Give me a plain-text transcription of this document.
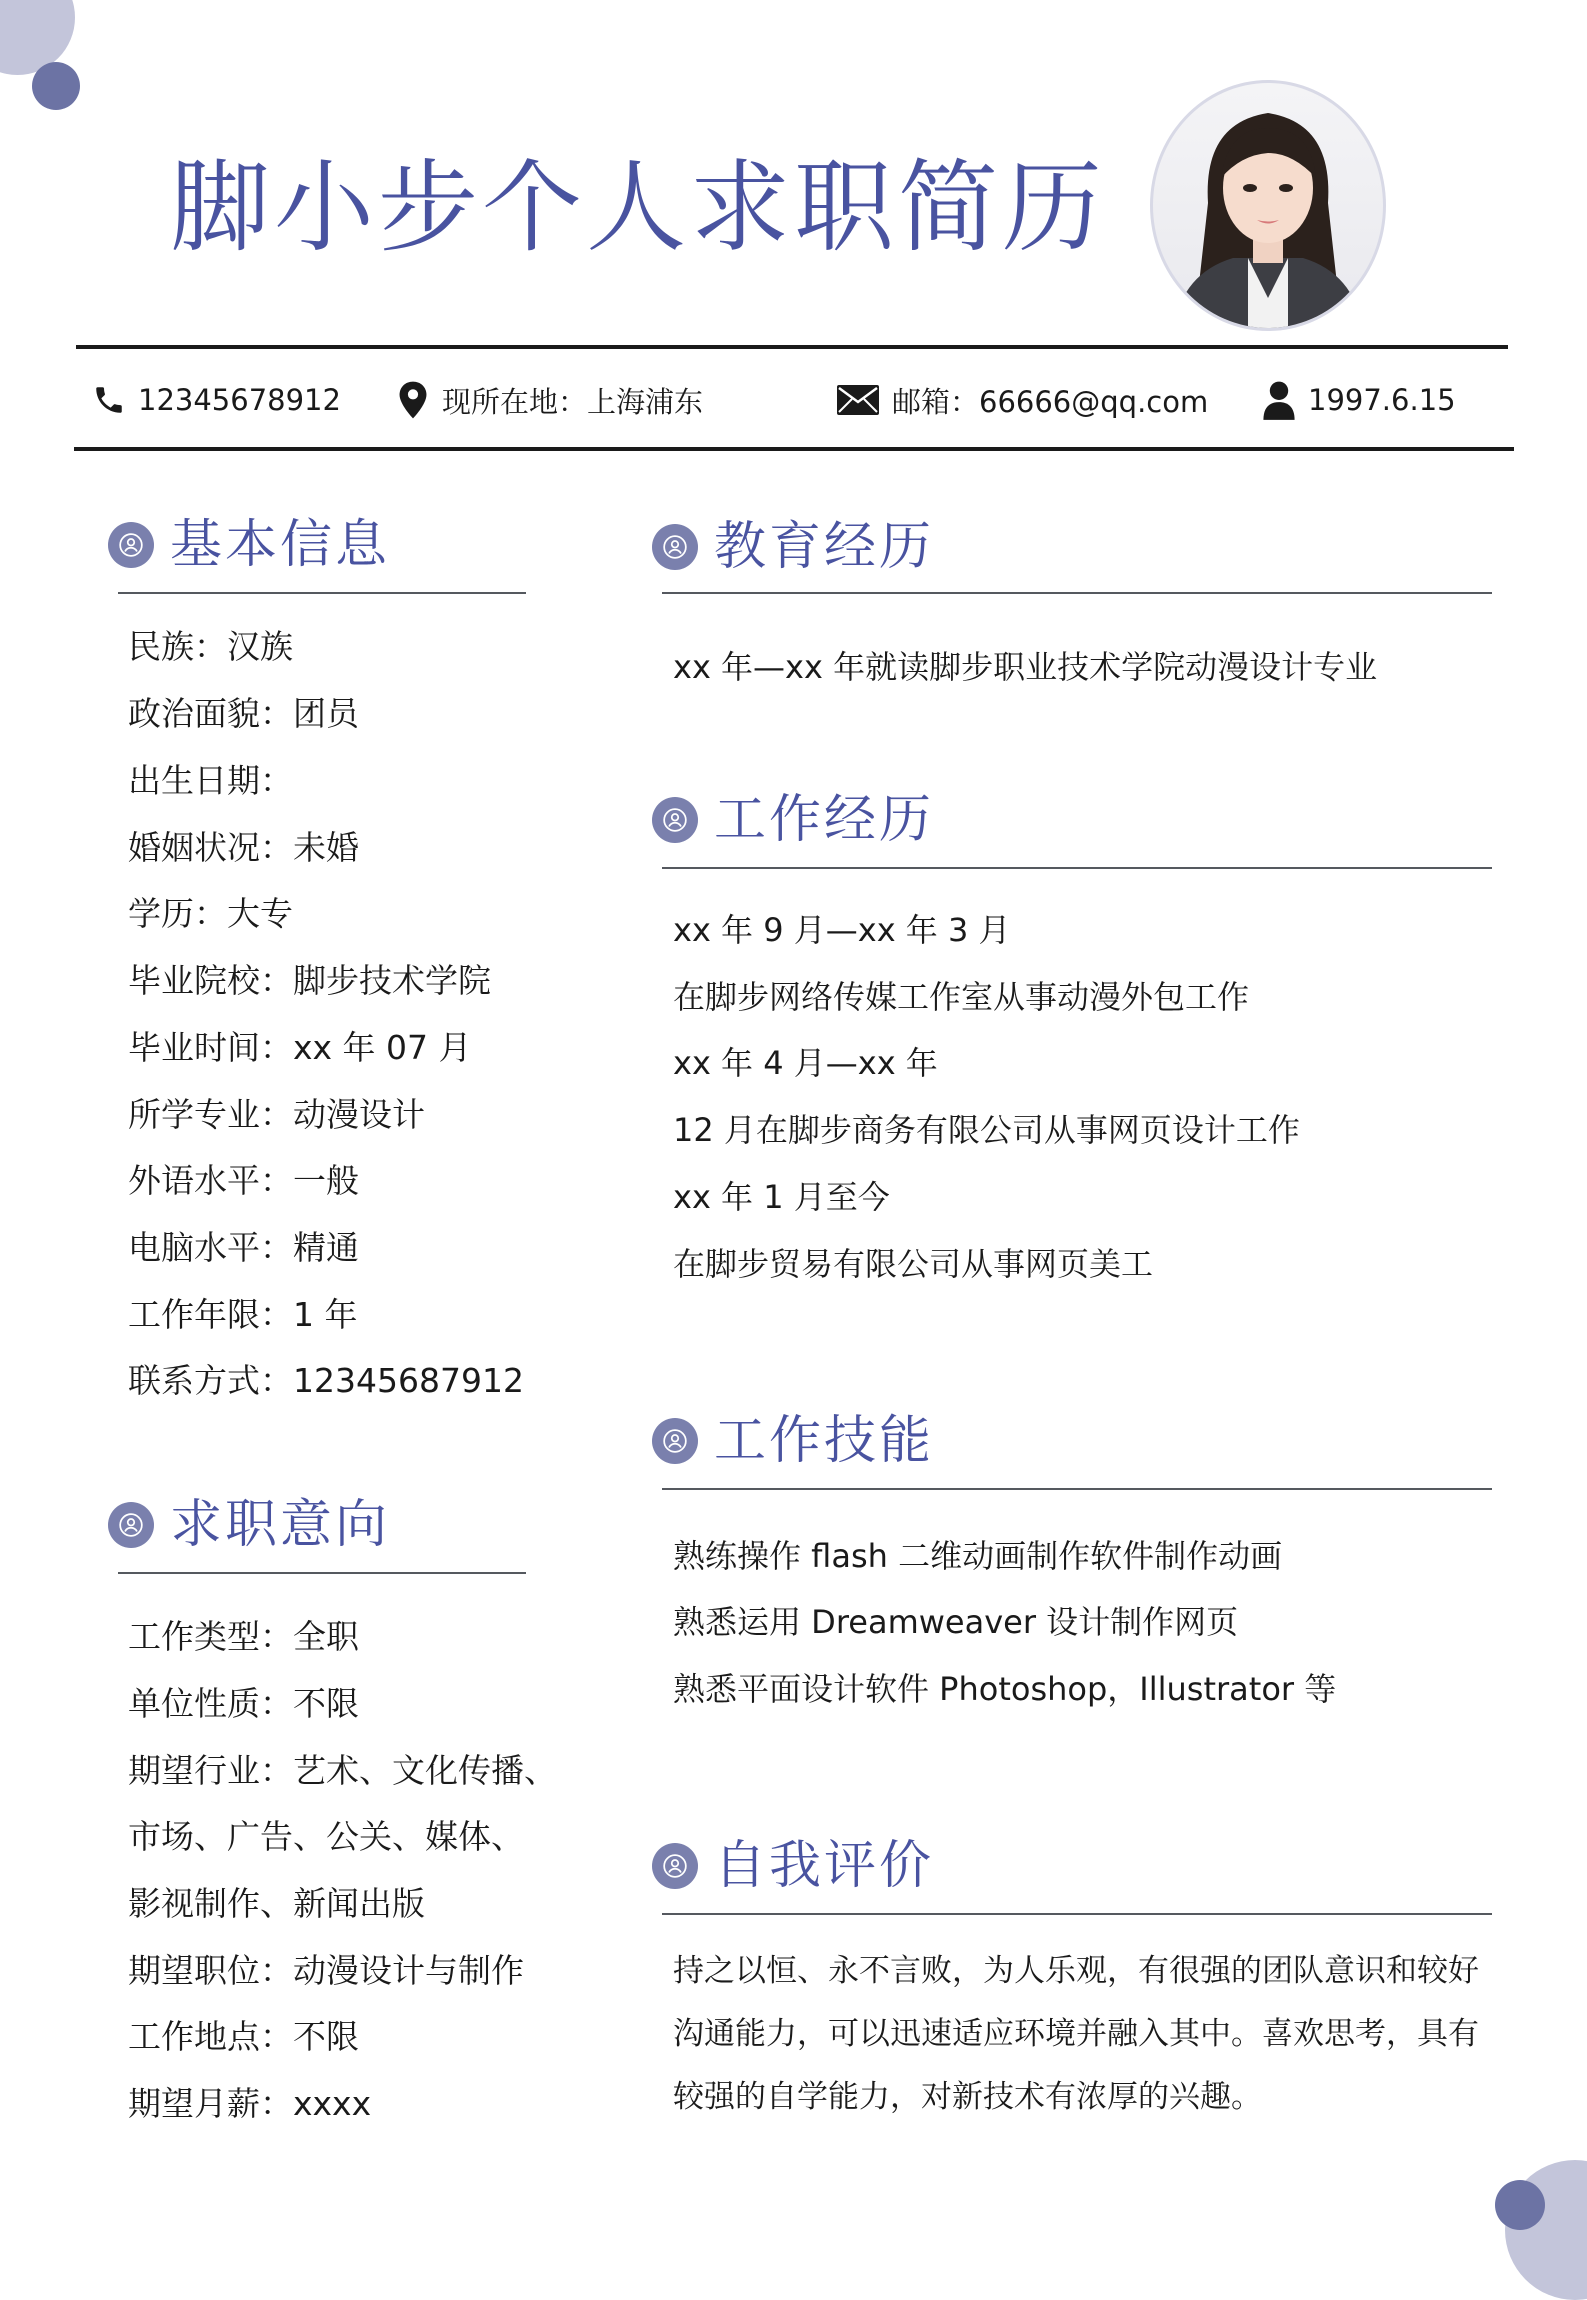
脚小步个人求职简历
12345678912	现所在地：上海浦东	邮箱：66666@qq.com	1997.6.15
基本信息
民族：汉族
政治面貌：团员
出生日期：
婚姻状况：未婚
学历：大专
毕业院校：脚步技术学院
毕业时间：xx 年 07 月
所学专业：动漫设计
外语水平：一般
电脑水平：精通
工作年限：1 年
联系方式：12345687912
求职意向
工作类型：全职
单位性质：不限
期望行业：艺术、文化传播、
市场、广告、公关、媒体、
影视制作、新闻出版
期望职位：动漫设计与制作
工作地点：不限
期望月薪：xxxx
教育经历
xx 年—xx 年就读脚步职业技术学院动漫设计专业
工作经历
xx 年 9 月—xx 年 3 月
在脚步网络传媒工作室从事动漫外包工作
xx 年 4 月—xx 年
12 月在脚步商务有限公司从事网页设计工作
xx 年 1 月至今
在脚步贸易有限公司从事网页美工
工作技能
熟练操作 flash 二维动画制作软件制作动画
熟悉运用 Dreamweaver 设计制作网页
熟悉平面设计软件 Photoshop，Illustrator 等
自我评价
持之以恒、永不言败，为人乐观，有很强的团队意识和较好沟通能力，可以迅速适应环境并融入其中。喜欢思考，具有较强的自学能力，对新技术有浓厚的兴趣。
